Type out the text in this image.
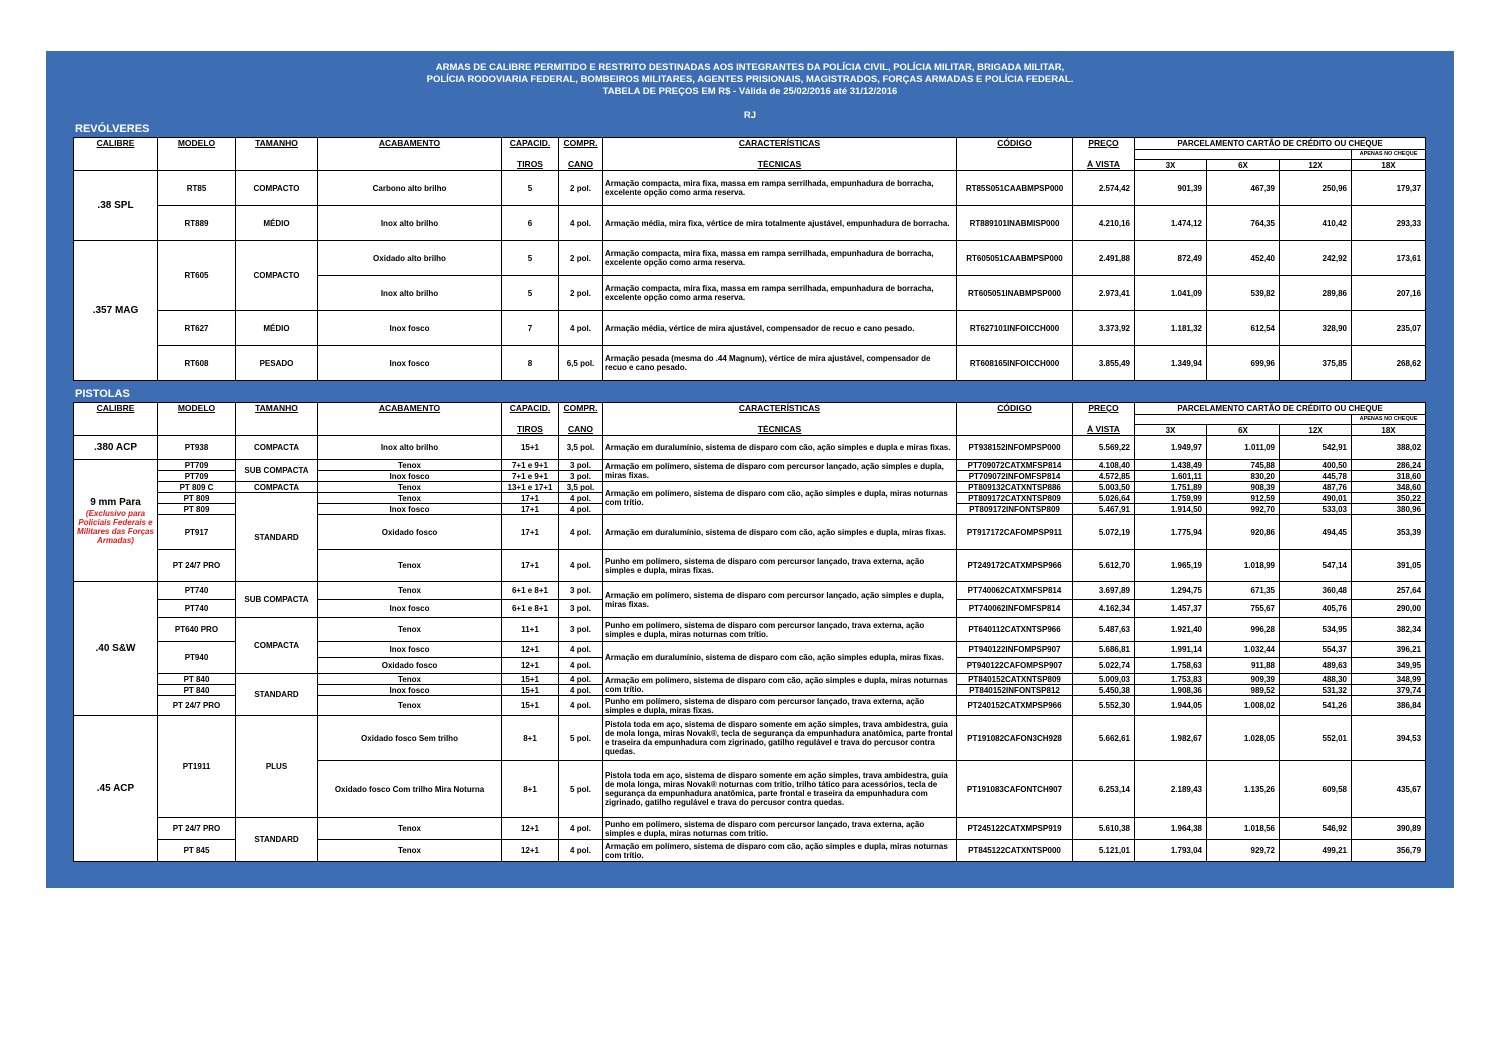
ARMAS DE CALIBRE PERMITIDO E RESTRITO DESTINADAS AOS INTEGRANTES DA POLÍCIA CIVIL, POLÍCIA MILITAR, BRIGADA MILITAR,
POLÍCIA RODOVIARIA FEDERAL, BOMBEIROS MILITARES, AGENTES PRISIONAIS, MAGISTRADOS, FORÇAS ARMADAS E POLÍCIA FEDERAL.
TABELA DE PREÇOS EM R$ - Válida de 25/02/2016 até 31/12/2016
RJ
REVÓLVERES
CALIBRE	MODELO	TAMANHO	ACABAMENTO	CAPACID.	COMPR.	CARACTERÍSTICAS	CÓDIGO	PREÇO	PARCELAMENTO CARTÃO DE CRÉDITO OU CHEQUE			
												APENAS NO CHEQUE
				TIROS	CANO	TÉCNICAS		À VISTA	3X	6X	12X	18X
.38 SPL	RT85	COMPACTO	Carbono alto brilho	5	2 pol.	Armação compacta, mira fixa, massa em rampa serrilhada, empunhadura de borracha, excelente opção como arma reserva.	RT85S051CAABMPSP000	2.574,42	901,39	467,39	250,96	179,37
	RT889	MÉDIO	Inox alto brilho	6	4 pol.	Armação média, mira fixa, vértice de mira totalmente ajustável, empunhadura de borracha.	RT889101INABMISP000	4.210,16	1.474,12	764,35	410,42	293,33
.357 MAG	RT605	COMPACTO	Oxidado alto brilho	5	2 pol.	Armação compacta, mira fixa, massa em rampa serrilhada, empunhadura de borracha, excelente opção como arma reserva.	RT605051CAABMPSP000	2.491,88	872,49	452,40	242,92	173,61
			Inox alto brilho	5	2 pol.	Armação compacta, mira fixa, massa em rampa serrilhada, empunhadura de borracha, excelente opção como arma reserva.	RT605051INABMPSP000	2.973,41	1.041,09	539,82	289,86	207,16
	RT627	MÉDIO	Inox fosco	7	4 pol.	Armação média, vértice de mira ajustável, compensador de recuo e cano pesado.	RT627101INFOICCH000	3.373,92	1.181,32	612,54	328,90	235,07
	RT608	PESADO	Inox fosco	8	6,5 pol.	Armação pesada (mesma do .44 Magnum), vértice de mira ajustável, compensador de recuo e cano pesado.	RT608165INFOICCH000	3.855,49	1.349,94	699,96	375,85	268,62
PISTOLAS
CALIBRE	MODELO	TAMANHO	ACABAMENTO	CAPACID.	COMPR.	CARACTERÍSTICAS	CÓDIGO	PREÇO	PARCELAMENTO CARTÃO DE CRÉDITO OU CHEQUE			
												APENAS NO CHEQUE
				TIROS	CANO	TÉCNICAS		À VISTA	3X	6X	12X	18X
.380 ACP	PT938	COMPACTA	Inox alto brilho	15+1	3,5 pol.	Armação em duralumínio, sistema de disparo com cão, ação simples e dupla e miras fixas.	PT938152INFOMPSP000	5.569,22	1.949,97	1.011,09	542,91	388,02

9 mm Para
(Exclusivo para Policiais Federais e Militares das Forças Armadas)	PT709	SUB COMPACTA	Tenox	7+1 e 9+1	3 pol.	Armação em polímero, sistema de disparo com percursor lançado, ação simples e dupla, miras fixas.	PT709072CATXMFSP814	4.108,40	1.438,49	745,88	400,50	286,24
	PT709		Inox fosco	7+1 e 9+1	3 pol.		PT709072INFOMFSP814	4.572,85	1.601,11	830,20	445,78	318,60
	PT 809 C	COMPACTA	Tenox	13+1 e 17+1	3,5 pol.	Armação em polímero, sistema de disparo com cão, ação simples e dupla, miras noturnas com trítio.	PT809132CATXNTSP886	5.003,50	1.751,89	908,39	487,76	348,60
	PT 809	STANDARD	Tenox	17+1	4 pol.		PT809172CATXNTSP809	5.026,64	1.759,99	912,59	490,01	350,22
	PT 809		Inox fosco	17+1	4 pol.		PT809172INFONTSP809	5.467,91	1.914,50	992,70	533,03	380,96
	PT917		Oxidado fosco	17+1	4 pol.	Armação em duralumínio, sistema de disparo com cão, ação simples e dupla, miras fixas.	PT917172CAFOMPSP911	5.072,19	1.775,94	920,86	494,45	353,39
	PT 24/7 PRO		Tenox	17+1	4 pol.	Punho em polímero, sistema de disparo com percursor lançado, trava externa, ação simples e dupla, miras fixas.	PT249172CATXMPSP966	5.612,70	1.965,19	1.018,99	547,14	391,05
.40 S&W	PT740	SUB COMPACTA	Tenox	6+1 e 8+1	3 pol.	Armação em polímero, sistema de disparo com percursor lançado, ação simples e dupla, miras fixas.	PT740062CATXMFSP814	3.697,89	1.294,75	671,35	360,48	257,64
	PT740		Inox fosco	6+1 e 8+1	3 pol.		PT740062INFOMFSP814	4.162,34	1.457,37	755,67	405,76	290,00
	PT640 PRO	COMPACTA	Tenox	11+1	3 pol.	Punho em polímero, sistema de disparo com percursor lançado, trava externa, ação simples e dupla, miras noturnas com trítio.	PT640112CATXNTSP966	5.487,63	1.921,40	996,28	534,95	382,34
	PT940		Inox fosco	12+1	4 pol.	Armação em duralumínio, sistema de disparo com cão, ação simples edupla, miras fixas.	PT940122INFOMPSP907	5.686,81	1.991,14	1.032,44	554,37	396,21
			Oxidado fosco	12+1	4 pol.		PT940122CAFOMPSP907	5.022,74	1.758,63	911,88	489,63	349,95
	PT 840	STANDARD	Tenox	15+1	4 pol.	Armação em polímero, sistema de disparo com cão, ação simples e dupla, miras noturnas com trítio.	PT840152CATXNTSP809	5.009,03	1.753,83	909,39	488,30	348,99
	PT 840		Inox fosco	15+1	4 pol.		PT840152INFONTSP812	5.450,38	1.908,36	989,52	531,32	379,74
	PT 24/7 PRO		Tenox	15+1	4 pol.	Punho em polímero, sistema de disparo com percursor lançado, trava externa, ação simples e dupla, miras fixas.	PT240152CATXMPSP966	5.552,30	1.944,05	1.008,02	541,26	386,84
.45 ACP	PT1911	PLUS	Oxidado fosco Sem trilho	8+1	5 pol.	Pistola toda em aço, sistema de disparo somente em ação simples, trava ambidestra, guia de mola longa, miras Novak®, tecla de segurança da empunhadura anatômica, parte frontal e traseira da empunhadura com zigrinado, gatilho regulável e trava do percusor contra quedas.	PT191082CAFON3CH928	5.662,61	1.982,67	1.028,05	552,01	394,53
			Oxidado fosco Com trilho Mira Noturna	8+1	5 pol.	Pistola toda em aço, sistema de disparo somente em ação simples, trava ambidestra, guia de mola longa, miras Novak® noturnas com trítio, trilho tático para acessórios, tecla de segurança da empunhadura anatômica, parte frontal e traseira da empunhadura com zigrinado, gatilho regulável e trava do percusor contra quedas.	PT191083CAFONTCH907	6.253,14	2.189,43	1.135,26	609,58	435,67
	PT 24/7 PRO	STANDARD	Tenox	12+1	4 pol.	Punho em polímero, sistema de disparo com percursor lançado, trava externa, ação simples e dupla, miras noturnas com trítio.	PT245122CATXMPSP919	5.610,38	1.964,38	1.018,56	546,92	390,89
	PT 845		Tenox	12+1	4 pol.	Armação em polímero, sistema de disparo com cão, ação simples e dupla, miras noturnas com trítio.	PT845122CATXNTSP000	5.121,01	1.793,04	929,72	499,21	356,79
